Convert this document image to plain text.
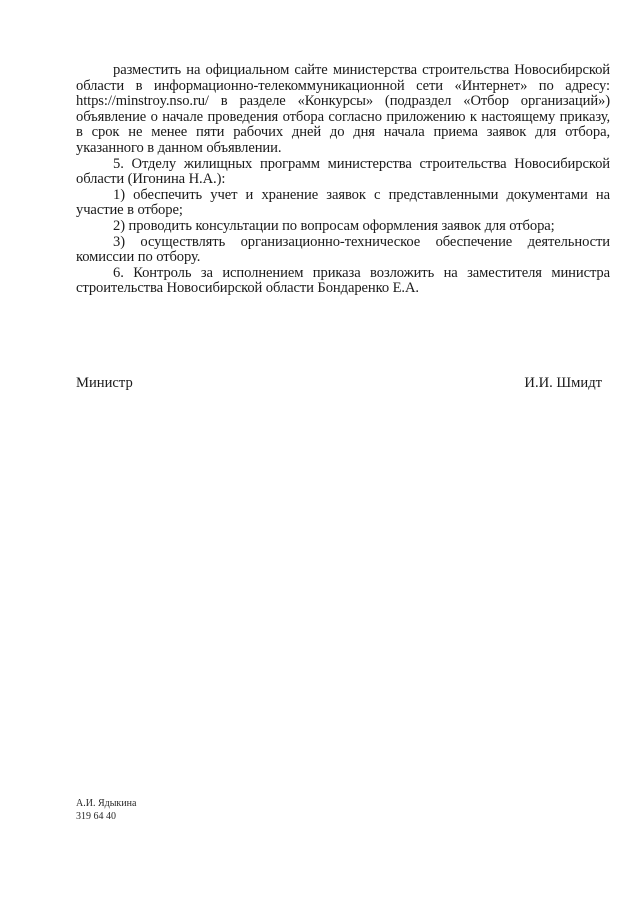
разместить на официальном сайте министерства строительства Новосибирской области в информационно-телекоммуникационной сети «Интернет» по адресу: https://minstroy.nso.ru/ в разделе «Конкурсы» (подраздел «Отбор организаций») объявление о начале проведения отбора согласно приложению к настоящему приказу, в срок не менее пяти рабочих дней до дня начала приема заявок для отбора, указанного в данном объявлении.

5. Отделу жилищных программ министерства строительства Новосибирской области (Игонина Н.А.):

1) обеспечить учет и хранение заявок с представленными документами на участие в отборе;

2) проводить консультации по вопросам оформления заявок для отбора;

3) осуществлять организационно-техническое обеспечение деятельности комиссии по отбору.

6. Контроль за исполнением приказа возложить на заместителя министра строительства Новосибирской области Бондаренко Е.А.

Министр	И.И. Шмидт
А.И. Ядыкина
319 64 40
